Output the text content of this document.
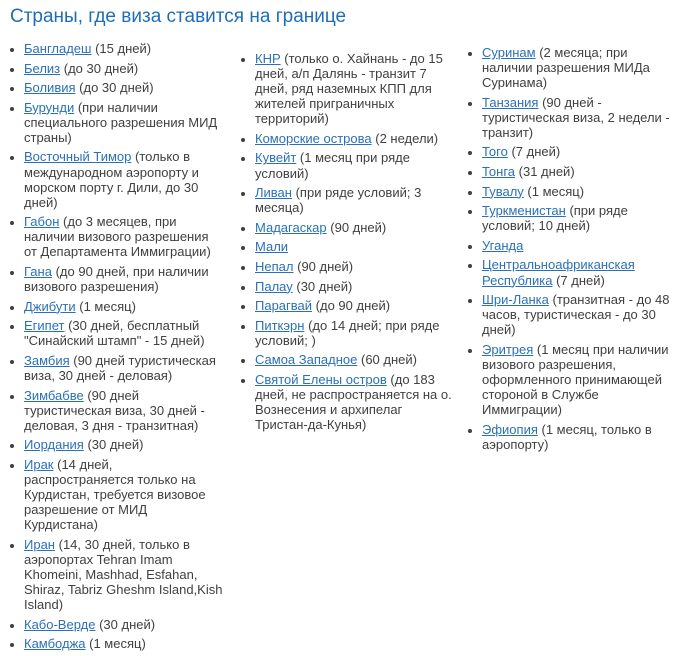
Страны, где виза ставится на границе
• Бангладеш (15 дней)
• Белиз (до 30 дней)
• Боливия (до 30 дней)
• Бурунди (при наличии специального разрешения МИД страны)
• Восточный Тимор (только в международном аэропорту и морском порту г. Дили, до 30 дней)
• Габон (до 3 месяцев, при наличии визового разрешения от Департамента Иммиграции)
• Гана (до 90 дней, при наличии визового разрешения)
• Джибути (1 месяц)
• Египет (30 дней, бесплатный "Синайский штамп" - 15 дней)
• Замбия (90 дней туристическая виза, 30 дней - деловая)
• Зимбабве (90 дней туристическая виза, 30 дней - деловая, 3 дня - транзитная)
• Иордания (30 дней)
• Ирак (14 дней, распространяется только на Курдистан, требуется визовое разрешение от МИД Курдистана)
• Иран (14, 30 дней, только в аэропортах Tehran Imam Khomeini, Mashhad, Esfahan, Shiraz, Tabriz Gheshm Island,Kish Island)
• Кабо-Верде (30 дней)
• Камбоджа (1 месяц)
• КНР (только о. Хайнань - до 15 дней, а/п Далянь - транзит 7 дней, ряд наземных КПП для жителей приграничных территорий)
• Коморские острова (2 недели)
• Кувейт (1 месяц при ряде условий)
• Ливан (при ряде условий; 3 месяца)
• Мадагаскар (90 дней)
• Мали
• Непал (90 дней)
• Палау (30 дней)
• Парагвай (до 90 дней)
• Питкэрн (до 14 дней; при ряде условий; )
• Самоа Западное (60 дней)
• Святой Елены остров (до 183 дней, не распространяется на о. Вознесения и архипелаг Тристан-да-Кунья)
• Суринам (2 месяца; при наличии разрешения МИДа Суринама)
• Танзания (90 дней - туристическая виза, 2 недели - транзит)
• Того (7 дней)
• Тонга (31 дней)
• Тувалу (1 месяц)
• Туркменистан (при ряде условий; 10 дней)
• Уганда
• Центральноафриканская Республика (7 дней)
• Шри-Ланка (транзитная - до 48 часов, туристическая - до 30 дней)
• Эритрея (1 месяц при наличии визового разрешения, оформленного принимающей стороной в Службе Иммиграции)
• Эфиопия (1 месяц, только в аэропорту)
